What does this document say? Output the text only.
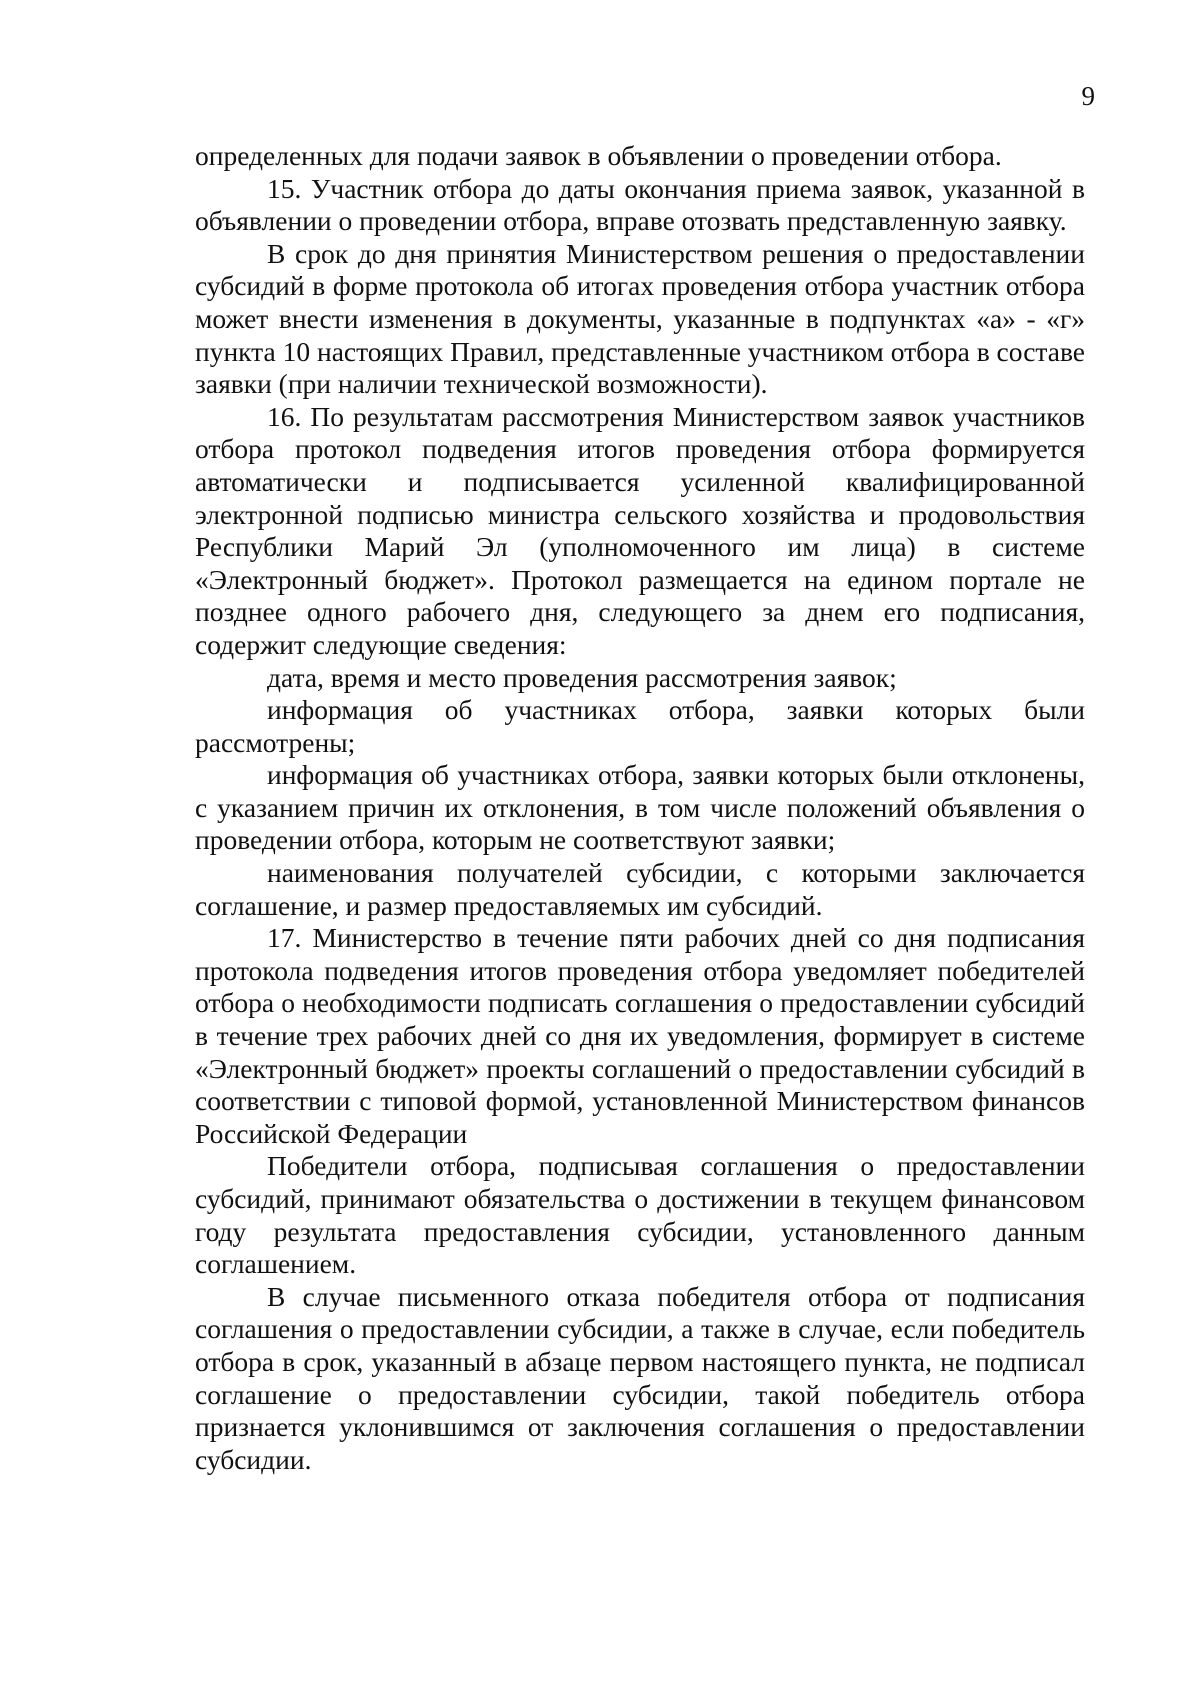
9

определенных для подачи заявок в объявлении о проведении отбора.

15. Участник отбора до даты окончания приема заявок, указанной в объявлении о проведении отбора, вправе отозвать представленную заявку.

В срок до дня принятия Министерством решения о предоставлении субсидий в форме протокола об итогах проведения отбора участник отбора может внести изменения в документы, указанные в подпунктах «а» - «г» пункта 10 настоящих Правил, представленные участником отбора в составе заявки (при наличии технической возможности).

16. По результатам рассмотрения Министерством заявок участников отбора протокол подведения итогов проведения отбора формируется автоматически и подписывается усиленной квалифицированной электронной подписью министра сельского хозяйства и продовольствия Республики Марий Эл (уполномоченного им лица) в системе «Электронный бюджет». Протокол размещается на едином портале не позднее одного рабочего дня, следующего за днем его подписания, содержит следующие сведения:

дата, время и место проведения рассмотрения заявок;

информация об участниках отбора, заявки которых были рассмотрены;

информация об участниках отбора, заявки которых были отклонены, с указанием причин их отклонения, в том числе положений объявления о проведении отбора, которым не соответствуют заявки;

наименования получателей субсидии, с которыми заключается соглашение, и размер предоставляемых им субсидий.

17. Министерство в течение пяти рабочих дней со дня подписания протокола подведения итогов проведения отбора уведомляет победителей отбора о необходимости подписать соглашения о предоставлении субсидий в течение трех рабочих дней со дня их уведомления, формирует в системе «Электронный бюджет» проекты соглашений о предоставлении субсидий в соответствии с типовой формой, установленной Министерством финансов Российской Федерации

Победители отбора, подписывая соглашения о предоставлении субсидий, принимают обязательства о достижении в текущем финансовом году результата предоставления субсидии, установленного данным соглашением.

В случае письменного отказа победителя отбора от подписания соглашения о предоставлении субсидии, а также в случае, если победитель отбора в срок, указанный в абзаце первом настоящего пункта, не подписал соглашение о предоставлении субсидии, такой победитель отбора признается уклонившимся от заключения соглашения о предоставлении субсидии.
